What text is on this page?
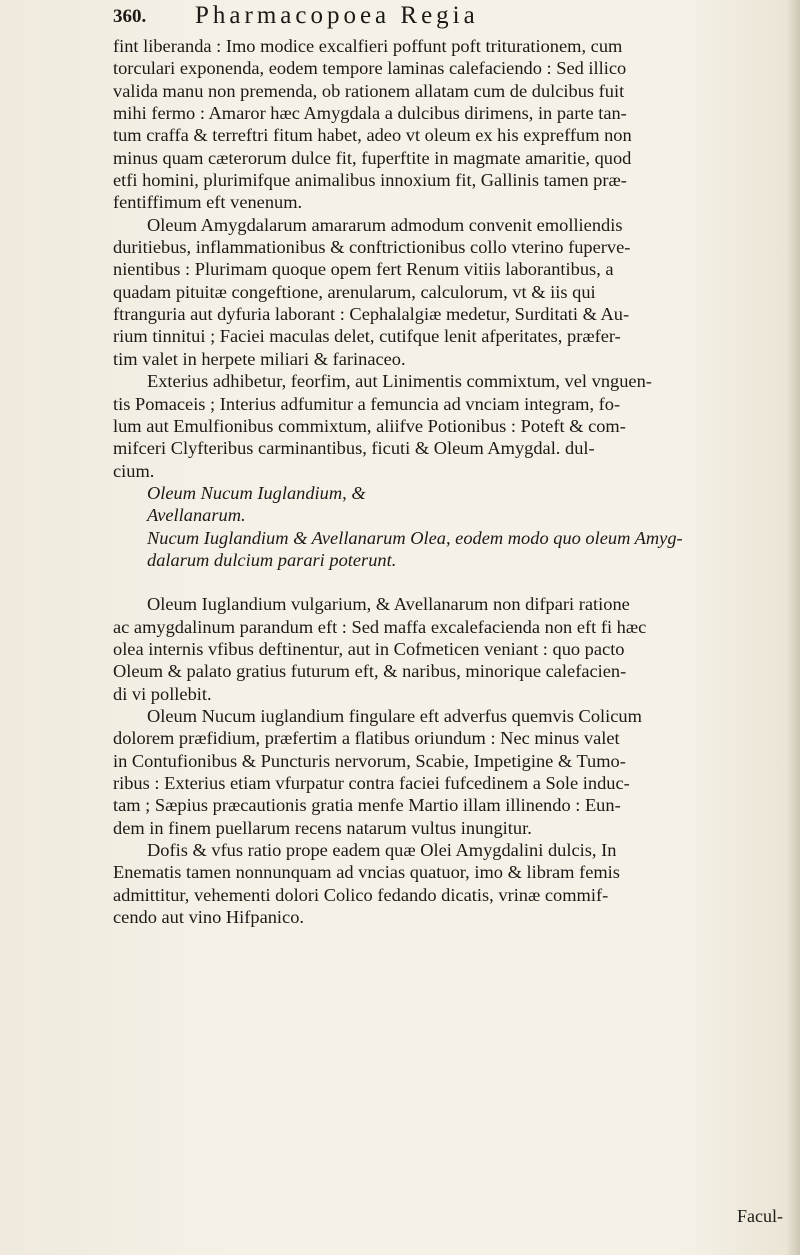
360. Pharmacopoea Regia
fint liberanda : Imo modice excalfieri poffunt poft triturationem, cum
torculari exponenda, eodem tempore laminas calefaciendo : Sed illico
valida manu non premenda, ob rationem allatam cum de dulcibus fuit
mihi fermo : Amaror hæc Amygdala a dulcibus dirimens, in parte tan-
tum craffa & terreftri fitum habet, adeo vt oleum ex his expreffum non
minus quam cæterorum dulce fit, fuperftite in magmate amaritie, quod
etfi homini, plurimifque animalibus innoxium fit, Gallinis tamen præ-
fentiffimum eft venenum.
Oleum Amygdalarum amararum admodum convenit emolliendis
duritiebus, inflammationibus & conftrictionibus collo vterino fuperve-
nientibus : Plurimam quoque opem fert Renum vitiis laborantibus, a
quadam pituitæ congeftione, arenularum, calculorum, vt & iis qui
ftranguria aut dyfuria laborant : Cephalalgiæ medetur, Surditati & Au-
rium tinnitui ; Faciei maculas delet, cutifque lenit afperitates, præfer-
tim valet in herpete miliari & farinaceo.
Exterius adhibetur, feorfim, aut Linimentis commixtum, vel vnguen-
tis Pomaceis ; Interius adfumitur a femuncia ad vnciam integram, fo-
lum aut Emulfionibus commixtum, aliifve Potionibus : Poteft & com-
mifceri Clyfteribus carminantibus, ficuti & Oleum Amygdal. dul-
cium.
Oleum Nucum Iuglandium, &
Avellanarum.
Nucum Iuglandium & Avellanarum Olea, eodem modo quo oleum Amyg-
dalarum dulcium parari poterunt.
Oleum Iuglandium vulgarium, & Avellanarum non difpari ratione
ac amygdalinum parandum eft : Sed maffa excalefacienda non eft fi hæc
olea internis vfibus deftinentur, aut in Cofmeticen veniant : quo pacto
Oleum & palato gratius futurum eft, & naribus, minorique calefacien-
di vi pollebit.
Oleum Nucum iuglandium fingulare eft adverfus quemvis Colicum
dolorem præfidium, præfertim a flatibus oriundum : Nec minus valet
in Contufionibus & Puncturis nervorum, Scabie, Impetigine & Tumo-
ribus : Exterius etiam vfurpatur contra faciei fufcedinem a Sole induc-
tam ; Sæpius præcautionis gratia menfe Martio illam illinendo : Eun-
dem in finem puellarum recens natarum vultus inungitur.
Dofis & vfus ratio prope eadem quæ Olei Amygdalini dulcis, In
Enematis tamen nonnunquam ad vncias quatuor, imo & libram femis
admittitur, vehementi dolori Colico fedando dicatis, vrinæ commif-
cendo aut vino Hifpanico.
Facul-
